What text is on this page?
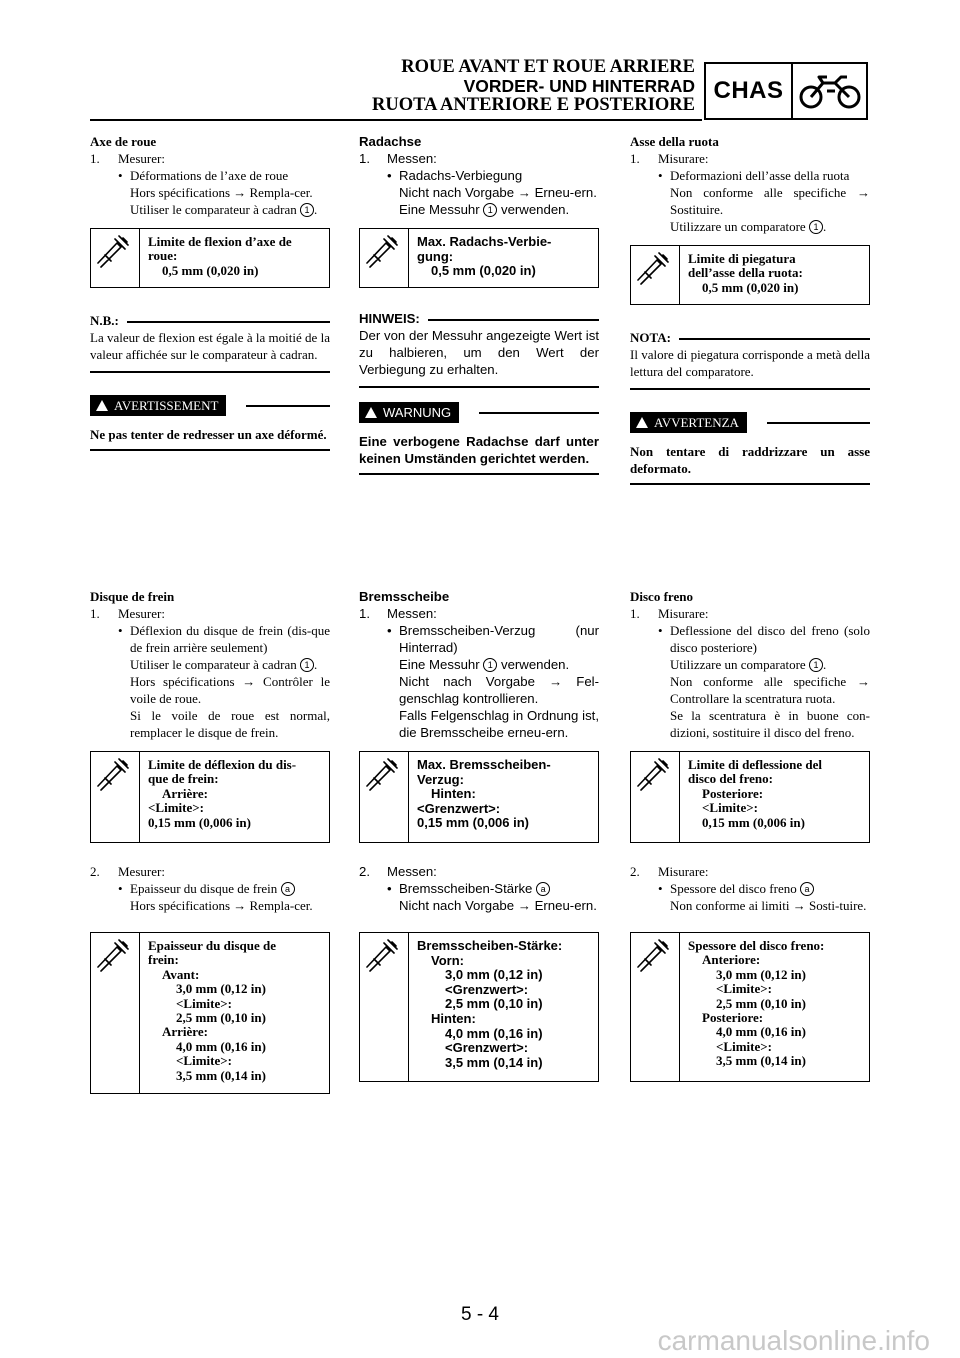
ROUE AVANT ET ROUE ARRIERE
VORDER- UND HINTERRAD
RUOTA ANTERIORE E POSTERIORE
CHAS
Axe de roue
1.	Mesurer:
• Déformations de l’axe de roue
Hors spécifications → Rempla-cer.
Utiliser le comparateur à cadran 1 .
Limite de flexion d’axe de
roue:
0,5 mm (0,020 in)
N.B.:
La valeur de flexion est égale à la moitié de la valeur affichée sur le comparateur à cadran.
AVERTISSEMENT
Ne pas tenter de redresser un axe déformé.
Disque de frein
1.	Mesurer:
• Déflexion du disque de frein (dis-que de frein arrière seulement)
Utiliser le comparateur à cadran 1 .
Hors spécifications → Contrôler le voile de roue.
Si le voile de roue est normal, remplacer le disque de frein.
Limite de déflexion du dis-
que de frein:
Arrière:
<Limite>:
0,15 mm (0,006 in)
2.	Mesurer:
• Epaisseur du disque de frein a
Hors spécifications → Rempla-cer.
Epaisseur du disque de
frein:
Avant:
3,0 mm (0,12 in)
<Limite>:
2,5 mm (0,10 in)
Arrière:
4,0 mm (0,16 in)
<Limite>:
3,5 mm (0,14 in)
Radachse
1.	Messen:
• Radachs-Verbiegung
Nicht nach Vorgabe → Erneu-ern.
Eine Messuhr 1 verwenden.
Max. Radachs-Verbie-
gung:
0,5 mm (0,020 in)
HINWEIS:
Der von der Messuhr angezeigte Wert ist zu halbieren, um den Wert der Verbiegung zu erhalten.
WARNUNG
Eine verbogene Radachse darf unter keinen Umständen gerichtet werden.
Bremsscheibe
1.	Messen:
• Bremsscheiben-Verzug (nur Hinterrad)
Eine Messuhr 1 verwenden.
Nicht nach Vorgabe → Fel-genschlag kontrollieren.
Falls Felgenschlag in Ordnung ist, die Bremsscheibe erneu-ern.
Max. Bremsscheiben-
Verzug:
Hinten:
<Grenzwert>:
0,15 mm (0,006 in)
2.	Messen:
• Bremsscheiben-Stärke a
Nicht nach Vorgabe → Erneu-ern.
Bremsscheiben-Stärke:
Vorn:
3,0 mm (0,12 in)
<Grenzwert>:
2,5 mm (0,10 in)
Hinten:
4,0 mm (0,16 in)
<Grenzwert>:
3,5 mm (0,14 in)
Asse della ruota
1.	Misurare:
• Deformazioni dell’asse della ruota
Non conforme alle specifiche → Sostituire.
Utilizzare un comparatore 1 .
Limite di piegatura
dell’asse della ruota:
0,5 mm (0,020 in)
NOTA:
Il valore di piegatura corrisponde a metà della lettura del comparatore.
AVVERTENZA
Non tentare di raddrizzare un asse deformato.
Disco freno
1.	Misurare:
• Deflessione del disco del freno (solo disco posteriore)
Utilizzare un comparatore 1 .
Non conforme alle specifiche → Controllare la scentratura ruota.
Se la scentratura è in buone con-dizioni, sostituire il disco del freno.
Limite di deflessione del
disco del freno:
Posteriore:
<Limite>:
0,15 mm (0,006 in)
2.	Misurare:
• Spessore del disco freno a
Non conforme ai limiti → Sosti-tuire.
Spessore del disco freno:
Anteriore:
3,0 mm (0,12 in)
<Limite>:
2,5 mm (0,10 in)
Posteriore:
4,0 mm (0,16 in)
<Limite>:
3,5 mm (0,14 in)
5 - 4
carmanualsonline.info
